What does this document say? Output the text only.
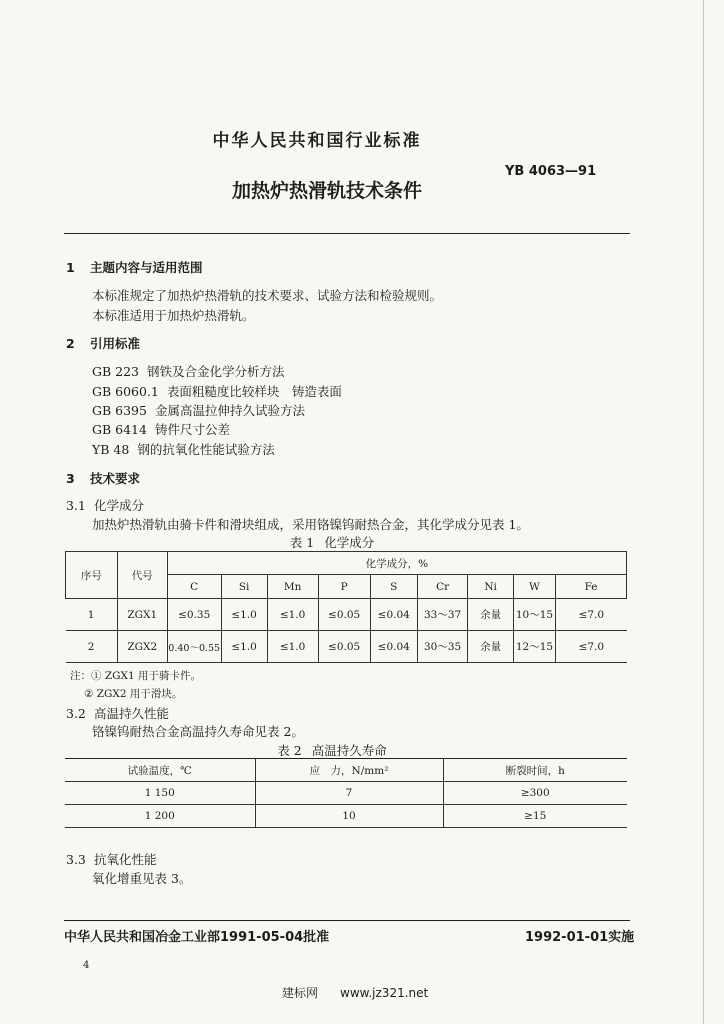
中华人民共和国行业标准
YB 4063—91
加热炉热滑轨技术条件
1 主题内容与适用范围
本标准规定了加热炉热滑轨的技术要求、试验方法和检验规则。
本标准适用于加热炉热滑轨。
2 引用标准
GB 223 钢铁及合金化学分析方法
GB 6060.1 表面粗糙度比较样块　铸造表面
GB 6395 金属高温拉伸持久试验方法
GB 6414 铸件尺寸公差
YB 48 钢的抗氧化性能试验方法
3 技术要求
3.1 化学成分
加热炉热滑轨由骑卡件和滑块组成，采用铬镍钨耐热合金，其化学成分见表 1。
表 1 化学成分
序号	代号	化学成分，%								
		C	Si	Mn	P	S	Cr	Ni	W	Fe
1	ZGX1	≤0.35	≤1.0	≤1.0	≤0.05	≤0.04	33～37	余量	10～15	≤7.0
2	ZGX2	0.40～0.55	≤1.0	≤1.0	≤0.05	≤0.04	30～35	余量	12～15	≤7.0
注：① ZGX1 用于骑卡件。
② ZGX2 用于滑块。
3.2 高温持久性能
铬镍钨耐热合金高温持久寿命见表 2。
表 2 高温持久寿命
试验温度，℃	应　力，N/mm²	断裂时间，h
1 150	7	≥300
1 200	10	≥15
3.3 抗氧化性能
氧化增重见表 3。
中华人民共和国冶金工业部1991-05-04批准	1992-01-01实施
4
建标网 www.jz321.net
